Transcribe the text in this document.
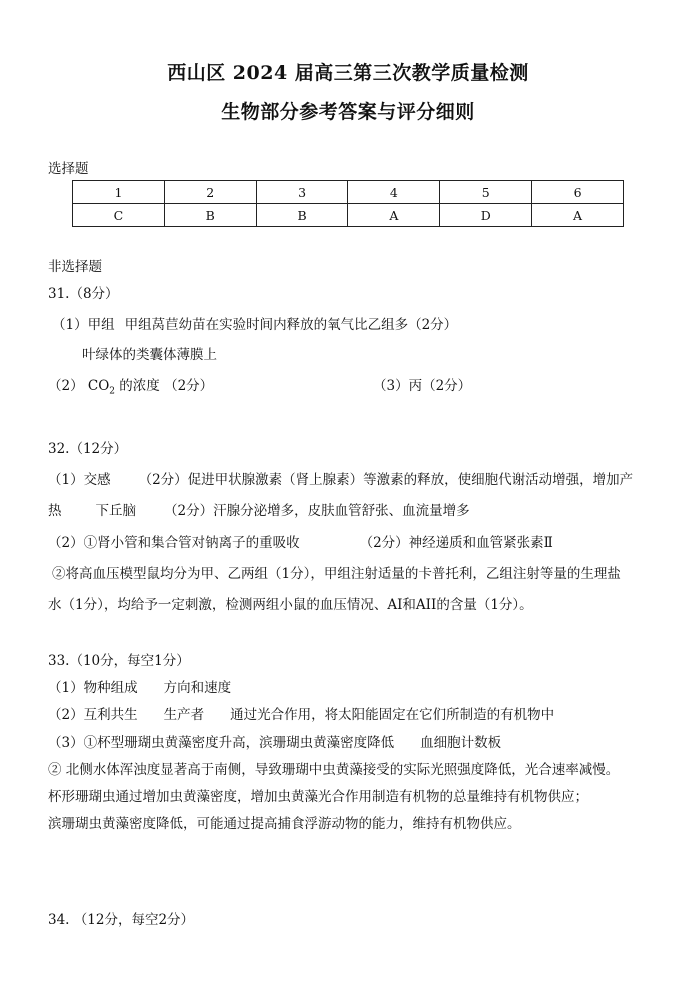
西山区 2024 届高三第三次教学质量检测
生物部分参考答案与评分细则
选择题
1	2	3	4	5	6
C	B	B	A	D	A
非选择题
31.（8分）
（1）甲组 甲组莴苣幼苗在实验时间内释放的氧气比乙组多（2分）
叶绿体的类囊体薄膜上
（2） $CO_2$ 的浓度 （2分）	（3）丙（2分）
32.（12分）
（1）交感 （2分）促进甲状腺激素（肾上腺素）等激素的释放，使细胞代谢活动增强，增加产
热	下丘脑 （2分）汗腺分泌增多，皮肤血管舒张、血流量增多
（2）①肾小管和集合管对钠离子的重吸收	（2分）神经递质和血管紧张素Ⅱ
②将高血压模型鼠均分为甲、乙两组（1分），甲组注射适量的卡普托利，乙组注射等量的生理盐
水（1分），均给予一定刺激，检测两组小鼠的血压情况、AI和AII的含量（1分）。
33.（10分，每空1分）
（1）物种组成 方向和速度
（2）互利共生 生产者 通过光合作用，将太阳能固定在它们所制造的有机物中
（3）①杯型珊瑚虫黄藻密度升高，滨珊瑚虫黄藻密度降低 血细胞计数板
② 北侧水体浑浊度显著高于南侧，导致珊瑚中虫黄藻接受的实际光照强度降低，光合速率减慢。
杯形珊瑚虫通过增加虫黄藻密度，增加虫黄藻光合作用制造有机物的总量维持有机物供应；
滨珊瑚虫黄藻密度降低，可能通过提高捕食浮游动物的能力，维持有机物供应。
34. （12分，每空2分）
